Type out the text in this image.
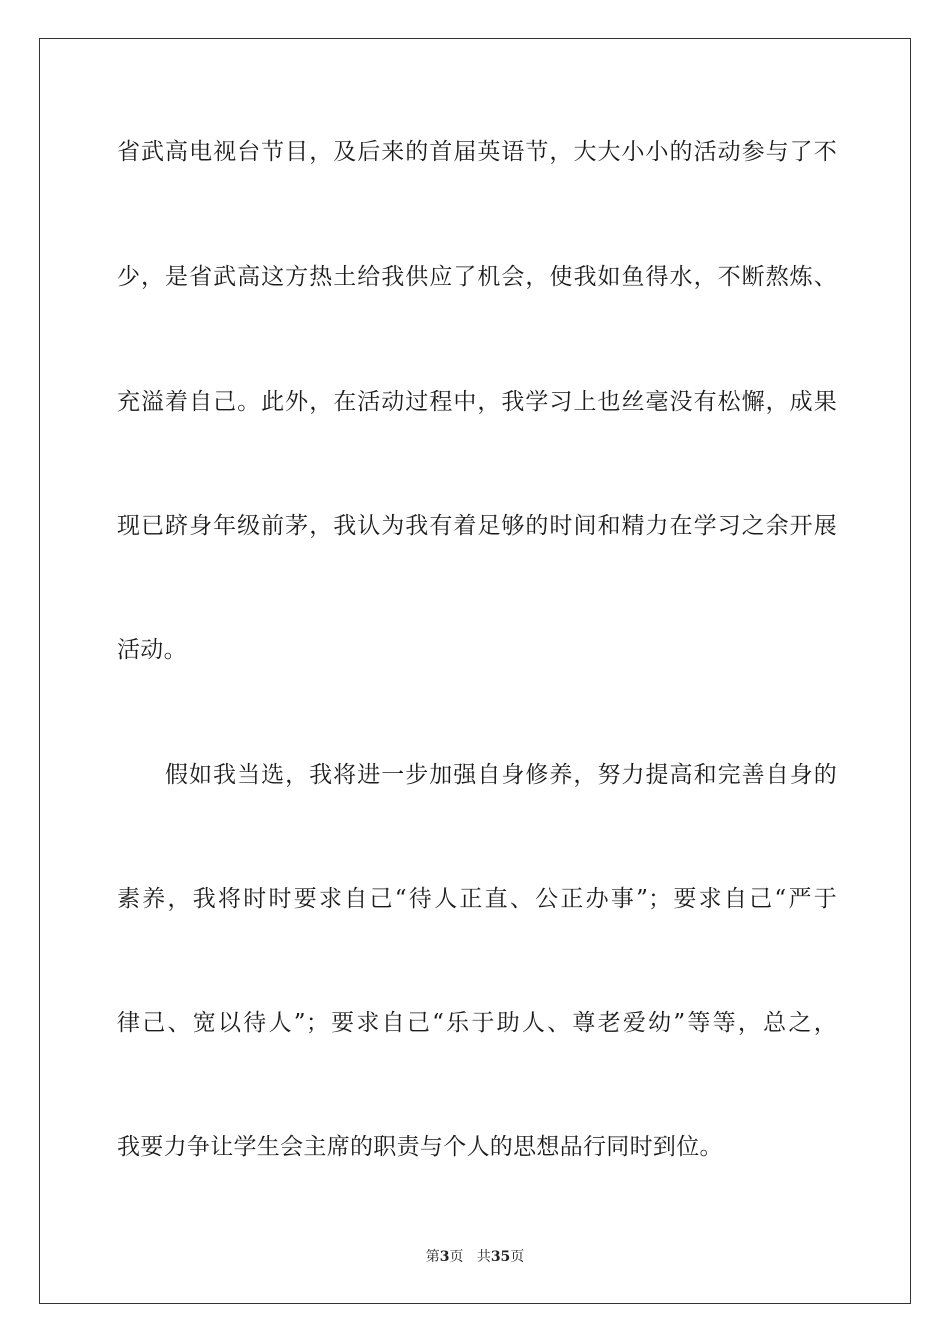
省武高电视台节目，及后来的首届英语节，大大小小的活动参与了不
少，是省武高这方热土给我供应了机会，使我如鱼得水，不断熬炼、
充溢着自己。此外，在活动过程中，我学习上也丝毫没有松懈，成果
现已跻身年级前茅，我认为我有着足够的时间和精力在学习之余开展
活动。
假如我当选，我将进一步加强自身修养，努力提高和完善自身的
素养，我将时时要求自己“待人正直、公正办事”；要求自己“严于
律己、宽以待人”；要求自己“乐于助人、尊老爱幼”等等，总之，
我要力争让学生会主席的职责与个人的思想品行同时到位。
第3页 共35页
